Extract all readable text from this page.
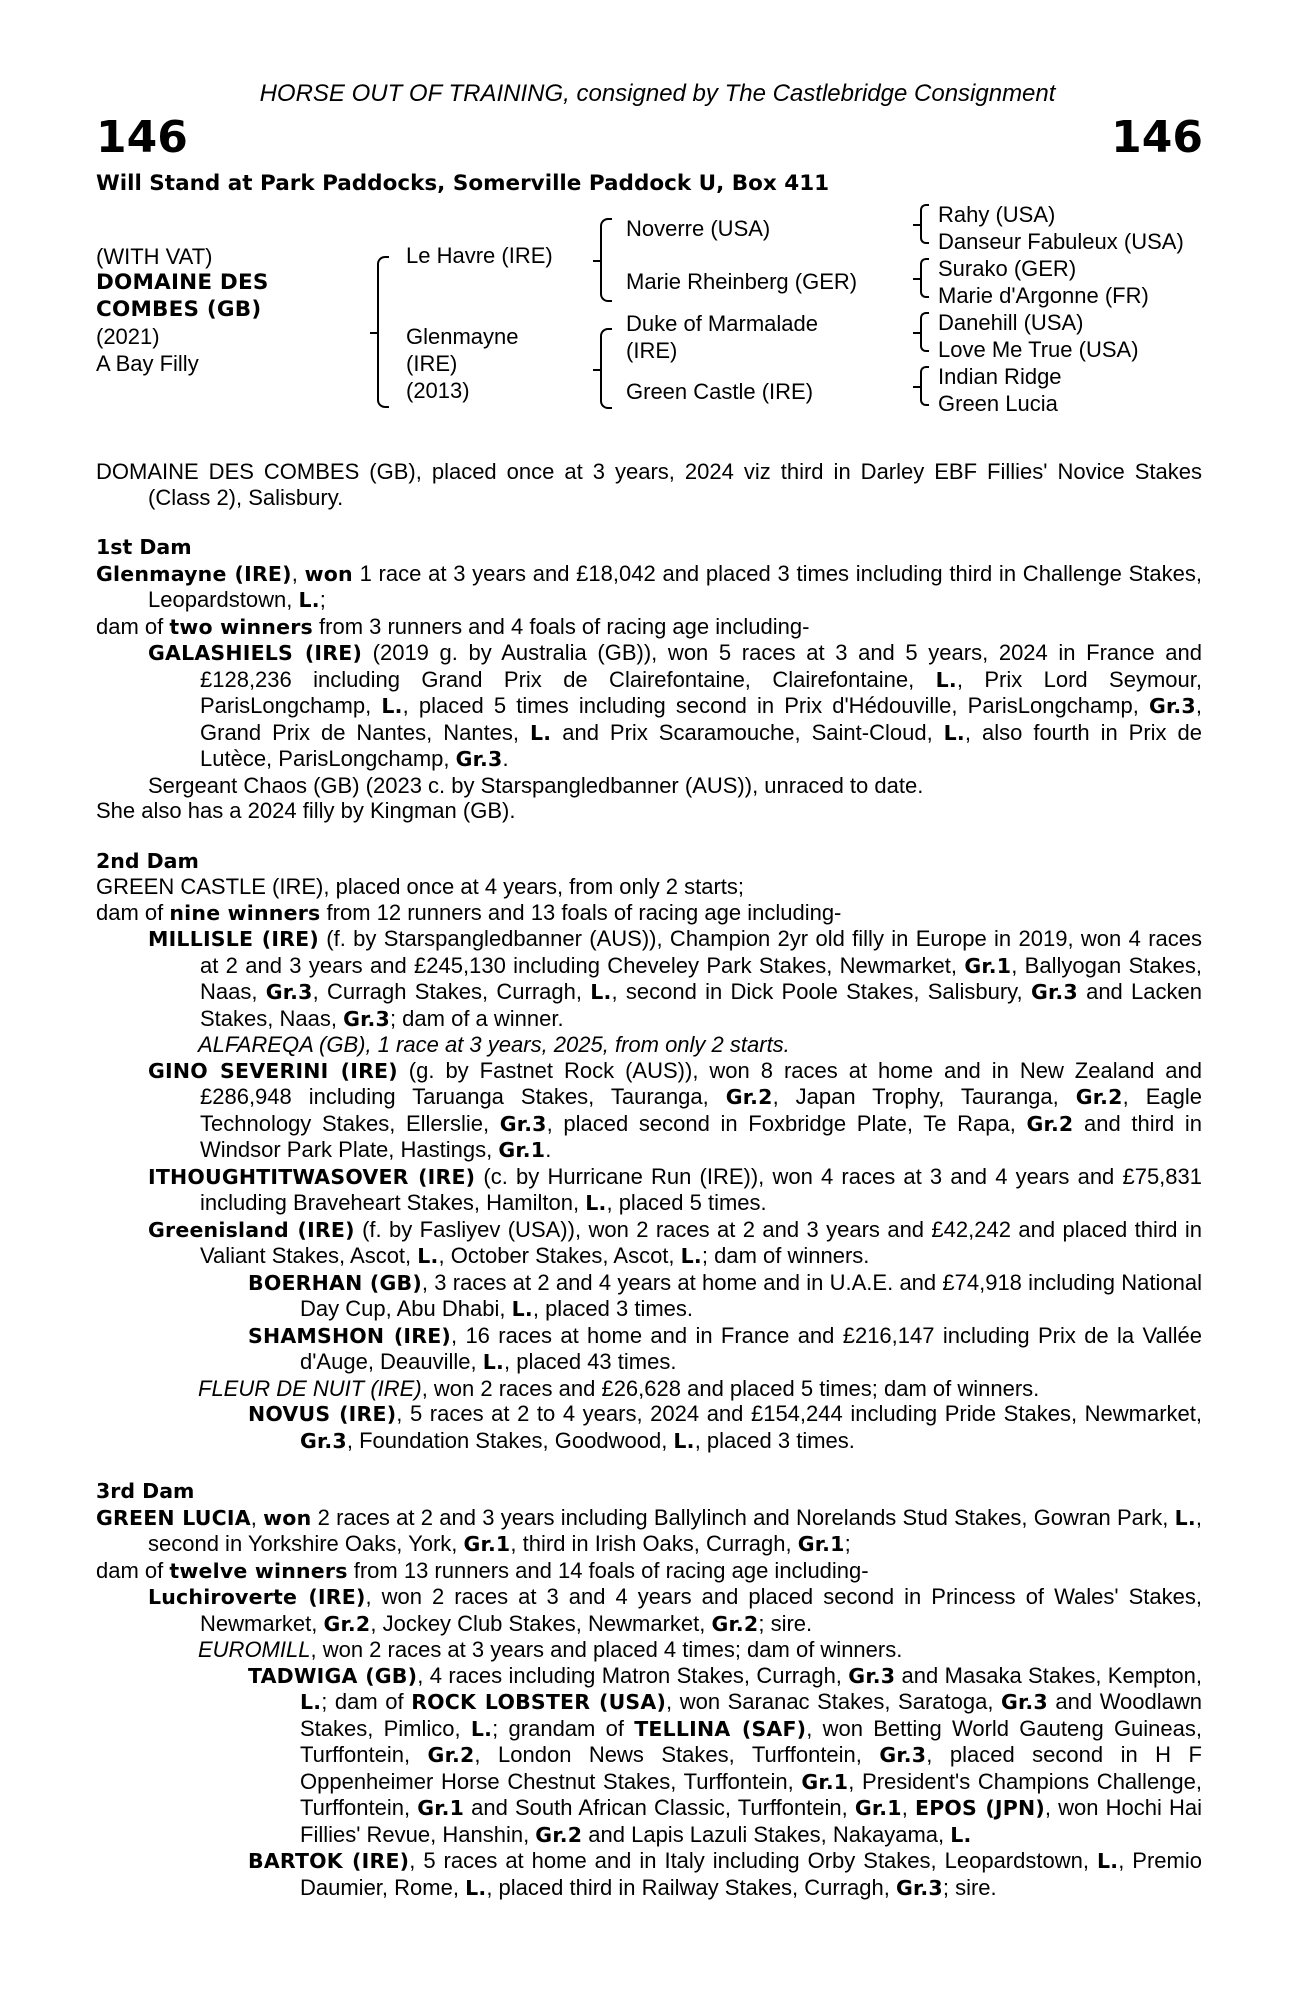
HORSE OUT OF TRAINING, consigned by The Castlebridge Consignment
146	146
Will Stand at Park Paddocks, Somerville Paddock U, Box 411
(WITH VAT)
DOMAINE DES
COMBES (GB)
(2021)
A Bay Filly
Le Havre (IRE)
Glenmayne
(IRE)
(2013)
Noverre (USA)
Marie Rheinberg (GER)
Duke of Marmalade
(IRE)
Green Castle (IRE)
Rahy (USA)
Danseur Fabuleux (USA)
Surako (GER)
Marie d'Argonne (FR)
Danehill (USA)
Love Me True (USA)
Indian Ridge
Green Lucia

DOMAINE DES COMBES (GB), placed once at 3 years, 2024 viz third in Darley EBF Fillies' Novice Stakes (Class 2), Salisbury.

1st Dam

Glenmayne (IRE), won 1 race at 3 years and £18,042 and placed 3 times including third in Challenge Stakes, Leopardstown, L.;

dam of two winners from 3 runners and 4 foals of racing age including-

GALASHIELS (IRE) (2019 g. by Australia (GB)), won 5 races at 3 and 5 years, 2024 in France and £128,236 including Grand Prix de Clairefontaine, Clairefontaine, L., Prix Lord Seymour, ParisLongchamp, L., placed 5 times including second in Prix d'Hédouville, ParisLongchamp, Gr.3, Grand Prix de Nantes, Nantes, L. and Prix Scaramouche, Saint-Cloud, L., also fourth in Prix de Lutèce, ParisLongchamp, Gr.3.

Sergeant Chaos (GB) (2023 c. by Starspangledbanner (AUS)), unraced to date.

She also has a 2024 filly by Kingman (GB).

2nd Dam

GREEN CASTLE (IRE), placed once at 4 years, from only 2 starts;

dam of nine winners from 12 runners and 13 foals of racing age including-

MILLISLE (IRE) (f. by Starspangledbanner (AUS)), Champion 2yr old filly in Europe in 2019, won 4 races at 2 and 3 years and £245,130 including Cheveley Park Stakes, Newmarket, Gr.1, Ballyogan Stakes, Naas, Gr.3, Curragh Stakes, Curragh, L., second in Dick Poole Stakes, Salisbury, Gr.3 and Lacken Stakes, Naas, Gr.3; dam of a winner.

ALFAREQA (GB), 1 race at 3 years, 2025, from only 2 starts.

GINO SEVERINI (IRE) (g. by Fastnet Rock (AUS)), won 8 races at home and in New Zealand and £286,948 including Taruanga Stakes, Tauranga, Gr.2, Japan Trophy, Tauranga, Gr.2, Eagle Technology Stakes, Ellerslie, Gr.3, placed second in Foxbridge Plate, Te Rapa, Gr.2 and third in Windsor Park Plate, Hastings, Gr.1.

ITHOUGHTITWASOVER (IRE) (c. by Hurricane Run (IRE)), won 4 races at 3 and 4 years and £75,831 including Braveheart Stakes, Hamilton, L., placed 5 times.

Greenisland (IRE) (f. by Fasliyev (USA)), won 2 races at 2 and 3 years and £42,242 and placed third in Valiant Stakes, Ascot, L., October Stakes, Ascot, L.; dam of winners.

BOERHAN (GB), 3 races at 2 and 4 years at home and in U.A.E. and £74,918 including National Day Cup, Abu Dhabi, L., placed 3 times.

SHAMSHON (IRE), 16 races at home and in France and £216,147 including Prix de la Vallée d'Auge, Deauville, L., placed 43 times.

FLEUR DE NUIT (IRE), won 2 races and £26,628 and placed 5 times; dam of winners.

NOVUS (IRE), 5 races at 2 to 4 years, 2024 and £154,244 including Pride Stakes, Newmarket, Gr.3, Foundation Stakes, Goodwood, L., placed 3 times.

3rd Dam

GREEN LUCIA, won 2 races at 2 and 3 years including Ballylinch and Norelands Stud Stakes, Gowran Park, L., second in Yorkshire Oaks, York, Gr.1, third in Irish Oaks, Curragh, Gr.1;

dam of twelve winners from 13 runners and 14 foals of racing age including-

Luchiroverte (IRE), won 2 races at 3 and 4 years and placed second in Princess of Wales' Stakes, Newmarket, Gr.2, Jockey Club Stakes, Newmarket, Gr.2; sire.

EUROMILL, won 2 races at 3 years and placed 4 times; dam of winners.

TADWIGA (GB), 4 races including Matron Stakes, Curragh, Gr.3 and Masaka Stakes, Kempton, L.; dam of ROCK LOBSTER (USA), won Saranac Stakes, Saratoga, Gr.3 and Woodlawn Stakes, Pimlico, L.; grandam of TELLINA (SAF), won Betting World Gauteng Guineas, Turffontein, Gr.2, London News Stakes, Turffontein, Gr.3, placed second in H F Oppenheimer Horse Chestnut Stakes, Turffontein, Gr.1, President's Champions Challenge, Turffontein, Gr.1 and South African Classic, Turffontein, Gr.1, EPOS (JPN), won Hochi Hai Fillies' Revue, Hanshin, Gr.2 and Lapis Lazuli Stakes, Nakayama, L.

BARTOK (IRE), 5 races at home and in Italy including Orby Stakes, Leopardstown, L., Premio Daumier, Rome, L., placed third in Railway Stakes, Curragh, Gr.3; sire.
